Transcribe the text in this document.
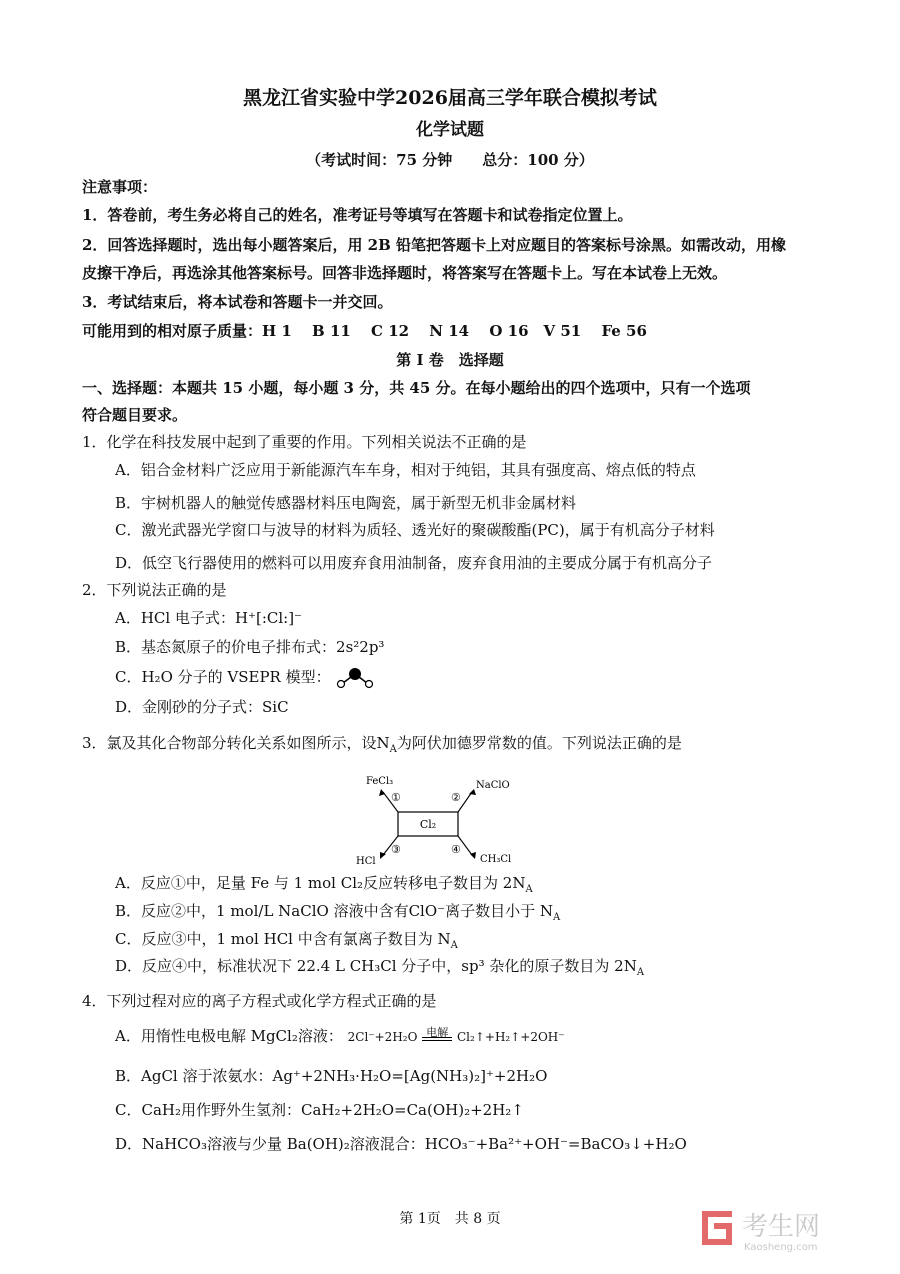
黑龙江省实验中学2026届高三学年联合模拟考试
化学试题
（考试时间：75 分钟　　总分：100 分）
注意事项：
1．答卷前，考生务必将自己的姓名，准考证号等填写在答题卡和试卷指定位置上。
2．回答选择题时，选出每小题答案后，用 2B 铅笔把答题卡上对应题目的答案标号涂黑。如需改动，用橡
皮擦干净后，再选涂其他答案标号。回答非选择题时，将答案写在答题卡上。写在本试卷上无效。
3．考试结束后，将本试卷和答题卡一并交回。
可能用到的相对原子质量：H 1　 B 11　 C 12　 N 14　 O 16　V 51　 Fe 56
第 I 卷　选择题
一、选择题：本题共 15 小题，每小题 3 分，共 45 分。在每小题给出的四个选项中，只有一个选项
符合题目要求。
1．化学在科技发展中起到了重要的作用。下列相关说法不正确的是
A．铝合金材料广泛应用于新能源汽车车身，相对于纯铝，其具有强度高、熔点低的特点
B．宇树机器人的触觉传感器材料压电陶瓷，属于新型无机非金属材料
C．激光武器光学窗口与波导的材料为质轻、透光好的聚碳酸酯(PC)，属于有机高分子材料
D．低空飞行器使用的燃料可以用废弃食用油制备，废弃食用油的主要成分属于有机高分子
2．下列说法正确的是
A．HCl 电子式：H⁺[:Cl:]⁻
B．基态氮原子的价电子排布式：2s²2p³
C．H₂O 分子的 VSEPR 模型：
D．金刚砂的分子式：SiC
3．氯及其化合物部分转化关系如图所示，设$N_A$为阿伏加德罗常数的值。下列说法正确的是
Cl₂
FeCl₃	NaClO
HCl	CH₃Cl
①	②
③	④
A．反应①中，足量 Fe 与 1 mol Cl₂反应转移电子数目为 $2N_A$
B．反应②中，1 mol/L NaClO 溶液中含有ClO⁻离子数目小于 $N_A$
C．反应③中，1 mol HCl 中含有氯离子数目为 $N_A$
D．反应④中，标准状况下 22.4 L CH₃Cl 分子中，sp³ 杂化的原子数目为 $2N_A$
4．下列过程对应的离子方程式或化学方程式正确的是
A．用惰性电极电解 MgCl₂溶液： 2Cl⁻+2H₂O 电解 Cl₂↑+H₂↑+2OH⁻
B．AgCl 溶于浓氨水：Ag⁺+2NH₃·H₂O=[Ag(NH₃)₂]⁺+2H₂O
C．CaH₂用作野外生氢剂：CaH₂+2H₂O=Ca(OH)₂+2H₂↑
D．NaHCO₃溶液与少量 Ba(OH)₂溶液混合：HCO₃⁻+Ba²⁺+OH⁻=BaCO₃↓+H₂O
第 1页　共 8 页	考生网
Kaosheng.com
